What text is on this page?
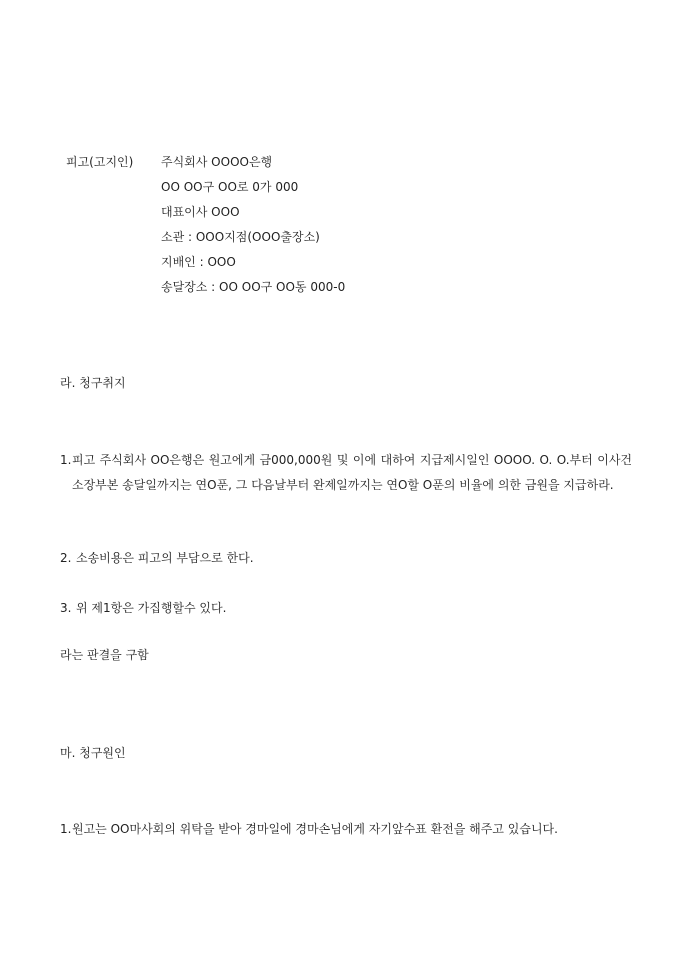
피고(고지인) 주식회사 OOOO은행
OO OO구 OO로 0가 000
대표이사 OOO
소관 : OOO지점(OOO출장소)
지배인 : OOO
송달장소 : OO OO구 OO동 000-0
라. 청구취지
1. 피고 주식회사 OO은행은 원고에게 금000,000원 및 이에 대하여 지급제시일인 OOOO. O. O.부터 이사건 소장부본 송달일까지는 연O푼, 그 다음날부터 완제일까지는 연O할 O푼의 비율에 의한 금원을 지급하라.
2. 소송비용은 피고의 부담으로 한다.
3. 위 제1항은 가집행할수 있다.
라는 판결을 구함
마. 청구원인
1. 원고는 OO마사회의 위탁을 받아 경마일에 경마손님에게 자기앞수표 환전을 해주고 있습니다.
